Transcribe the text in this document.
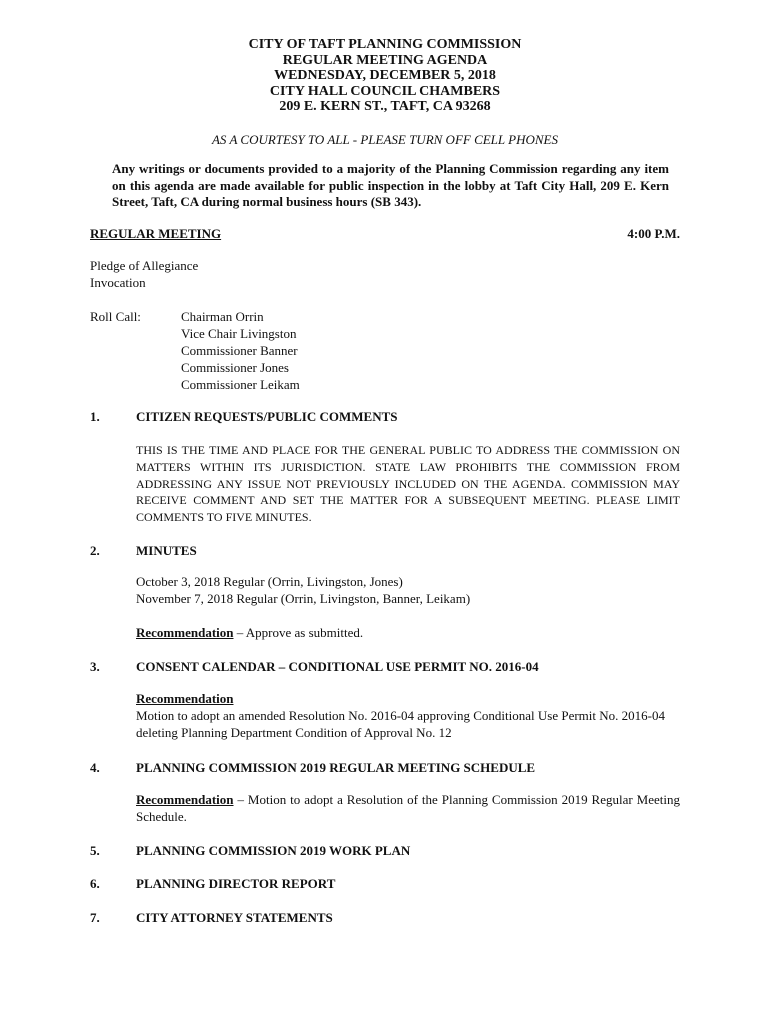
CITY OF TAFT PLANNING COMMISSION
REGULAR MEETING AGENDA
WEDNESDAY, DECEMBER 5, 2018
CITY HALL COUNCIL CHAMBERS
209 E. KERN ST., TAFT, CA 93268
AS A COURTESY TO ALL - PLEASE TURN OFF CELL PHONES
Any writings or documents provided to a majority of the Planning Commission regarding any item on this agenda are made available for public inspection in the lobby at Taft City Hall, 209 E. Kern Street, Taft, CA during normal business hours (SB 343).
REGULAR MEETING	4:00 P.M.
Pledge of Allegiance
Invocation
Roll Call:	Chairman Orrin
Vice Chair Livingston
Commissioner Banner
Commissioner Jones
Commissioner Leikam
1.	CITIZEN REQUESTS/PUBLIC COMMENTS
THIS IS THE TIME AND PLACE FOR THE GENERAL PUBLIC TO ADDRESS THE COMMISSION ON MATTERS WITHIN ITS JURISDICTION. STATE LAW PROHIBITS THE COMMISSION FROM ADDRESSING ANY ISSUE NOT PREVIOUSLY INCLUDED ON THE AGENDA. COMMISSION MAY RECEIVE COMMENT AND SET THE MATTER FOR A SUBSEQUENT MEETING. PLEASE LIMIT COMMENTS TO FIVE MINUTES.
2.	MINUTES
October 3, 2018 Regular (Orrin, Livingston, Jones)
November 7, 2018 Regular (Orrin, Livingston, Banner, Leikam)
Recommendation – Approve as submitted.
3.	CONSENT CALENDAR – CONDITIONAL USE PERMIT NO. 2016-04
Recommendation
Motion to adopt an amended Resolution No. 2016-04 approving Conditional Use Permit No. 2016-04 deleting Planning Department Condition of Approval No. 12
4.	PLANNING COMMISSION 2019 REGULAR MEETING SCHEDULE
Recommendation – Motion to adopt a Resolution of the Planning Commission 2019 Regular Meeting Schedule.
5.	PLANNING COMMISSION 2019 WORK PLAN
6.	PLANNING DIRECTOR REPORT
7.	CITY ATTORNEY STATEMENTS
